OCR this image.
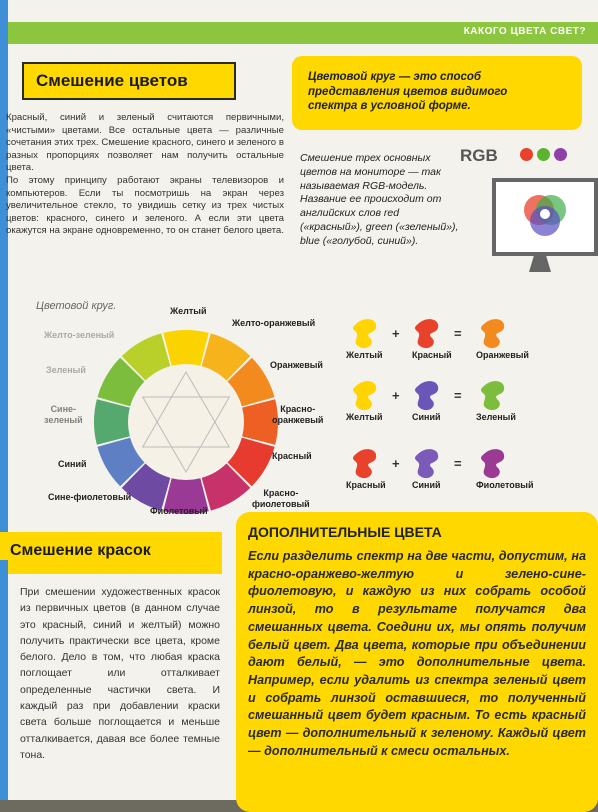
КАКОГО ЦВЕТА СВЕТ?
Смешение цветов

Красный, синий и зеленый считаются первичными, «чистыми» цветами. Все остальные цвета — различные сочетания этих трех. Смешение красного, синего и зеленого в разных пропорциях позволяет нам получить остальные цвета.

По этому принципу работают экраны телевизоров и компьютеров. Если ты посмотришь на экран через увеличительное стекло, то увидишь сетку из трех чистых цветов: красного, синего и зеленого. А если эти цвета окажутся на экране одновременно, то он станет белого цвета.

Цветовой круг — это способ представления цветов видимого спектра в условной форме.

Смешение трех основных цветов на мониторе — так называемая RGB-модель. Название ее происходит от английских слов red («красный»), green («зеленый»), blue («голубой, синий»).
RGB
Цветовой круг.	Желтый
Желто-оранжевый
Оранжевый
Красно-
оранжевый
Красный
Красно-
фиолетовый
Фиолетовый
Сине-фиолетовый
Синий
Сине-
зеленый
Зеленый
Желто-зеленый	+	=
Желтый	Красный	Оранжевый
+	=
Желтый	Синий	Зеленый
+	=
Красный	Синий	Фиолетовый
Смешение красок
При смешении художественных красок из первичных цветов (в данном случае это красный, синий и желтый) можно получить практически все цвета, кроме белого. Дело в том, что любая краска поглощает или отталкивает определенные частички света. И каждый раз при добавлении краски света больше поглощается и меньше отталкивается, давая все более темные тона.
ДОПОЛНИТЕЛЬНЫЕ ЦВЕТА
Если разделить спектр на две части, допустим, на красно-оранжево-желтую и зелено-сине-фиолетовую, и каждую из них собрать особой линзой, то в результате получатся два смешанных цвета. Соедини их, мы опять получим белый цвет. Два цвета, которые при объединении дают белый, — это дополнительные цвета. Например, если удалить из спектра зеленый цвет и собрать линзой оставшиеся, то полученный смешанный цвет будет красным. То есть красный цвет — дополнительный к зеленому. Каждый цвет — дополнительный к смеси остальных.
